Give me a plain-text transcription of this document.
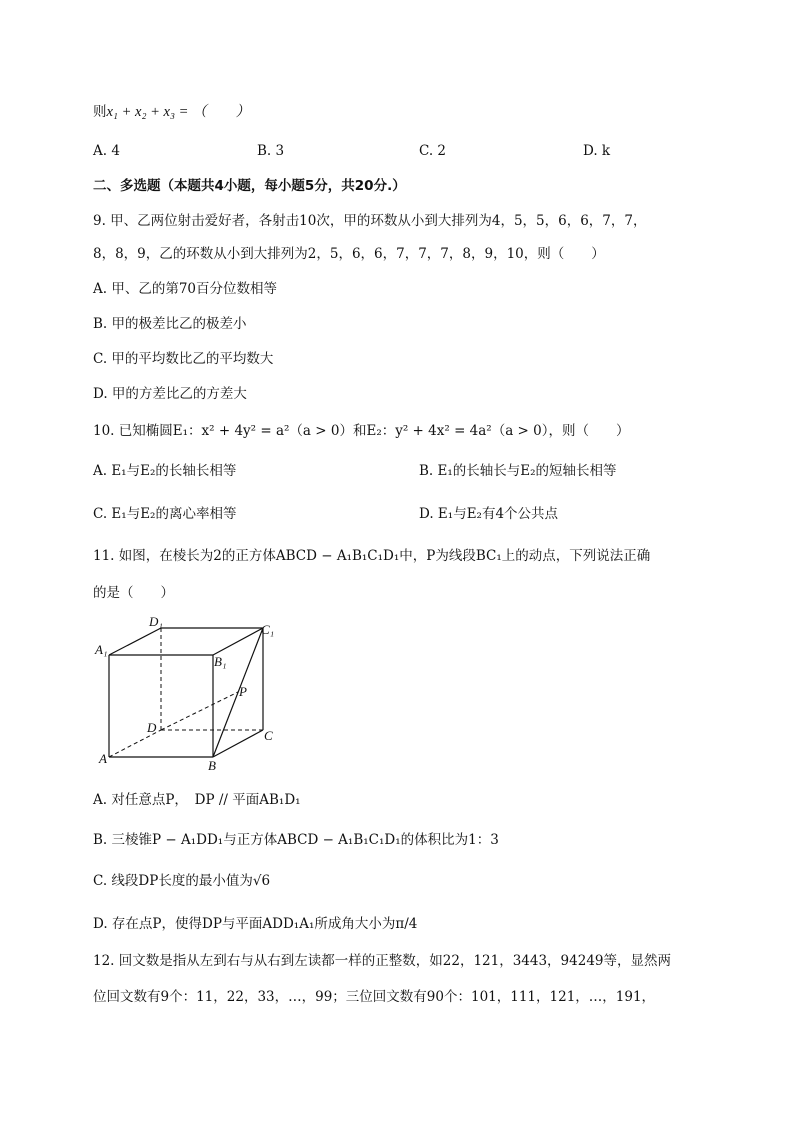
则x₁ + x₂ + x₃ = （　　）
A. 4	B. 3	C. 2	D. k
二、多选题（本题共4小题，每小题5分，共20分.）
9. 甲、乙两位射击爱好者，各射击10次，甲的环数从小到大排列为4，5，5，6，6，7，7，
8，8，9，乙的环数从小到大排列为2，5，6，6，7，7，7，8，9，10，则（　　）
A. 甲、乙的第70百分位数相等
B. 甲的极差比乙的极差小
C. 甲的平均数比乙的平均数大
D. 甲的方差比乙的方差大
10. 已知椭圆E₁：x² + 4y² = a²（a > 0）和E₂：y² + 4x² = 4a²（a > 0），则（　　）
A. E₁与E₂的长轴长相等	B. E₁的长轴长与E₂的短轴长相等
C. E₁与E₂的离心率相等	D. E₁与E₂有4个公共点
11. 如图，在棱长为2的正方体ABCD − A₁B₁C₁D₁中，P为线段BC₁上的动点，下列说法正确
的是（　　）
D₁
C₁
A₁
B₁
P
D
C
A	B
A. 对任意点P，　DP // 平面AB₁D₁
B. 三棱锥P − A₁DD₁与正方体ABCD − A₁B₁C₁D₁的体积比为1：3
C. 线段DP长度的最小值为√6
D. 存在点P，使得DP与平面ADD₁A₁所成角大小为π/4
12. 回文数是指从左到右与从右到左读都一样的正整数，如22，121，3443，94249等，显然两
位回文数有9个：11，22，33，…，99；三位回文数有90个：101，111，121，…，191，
